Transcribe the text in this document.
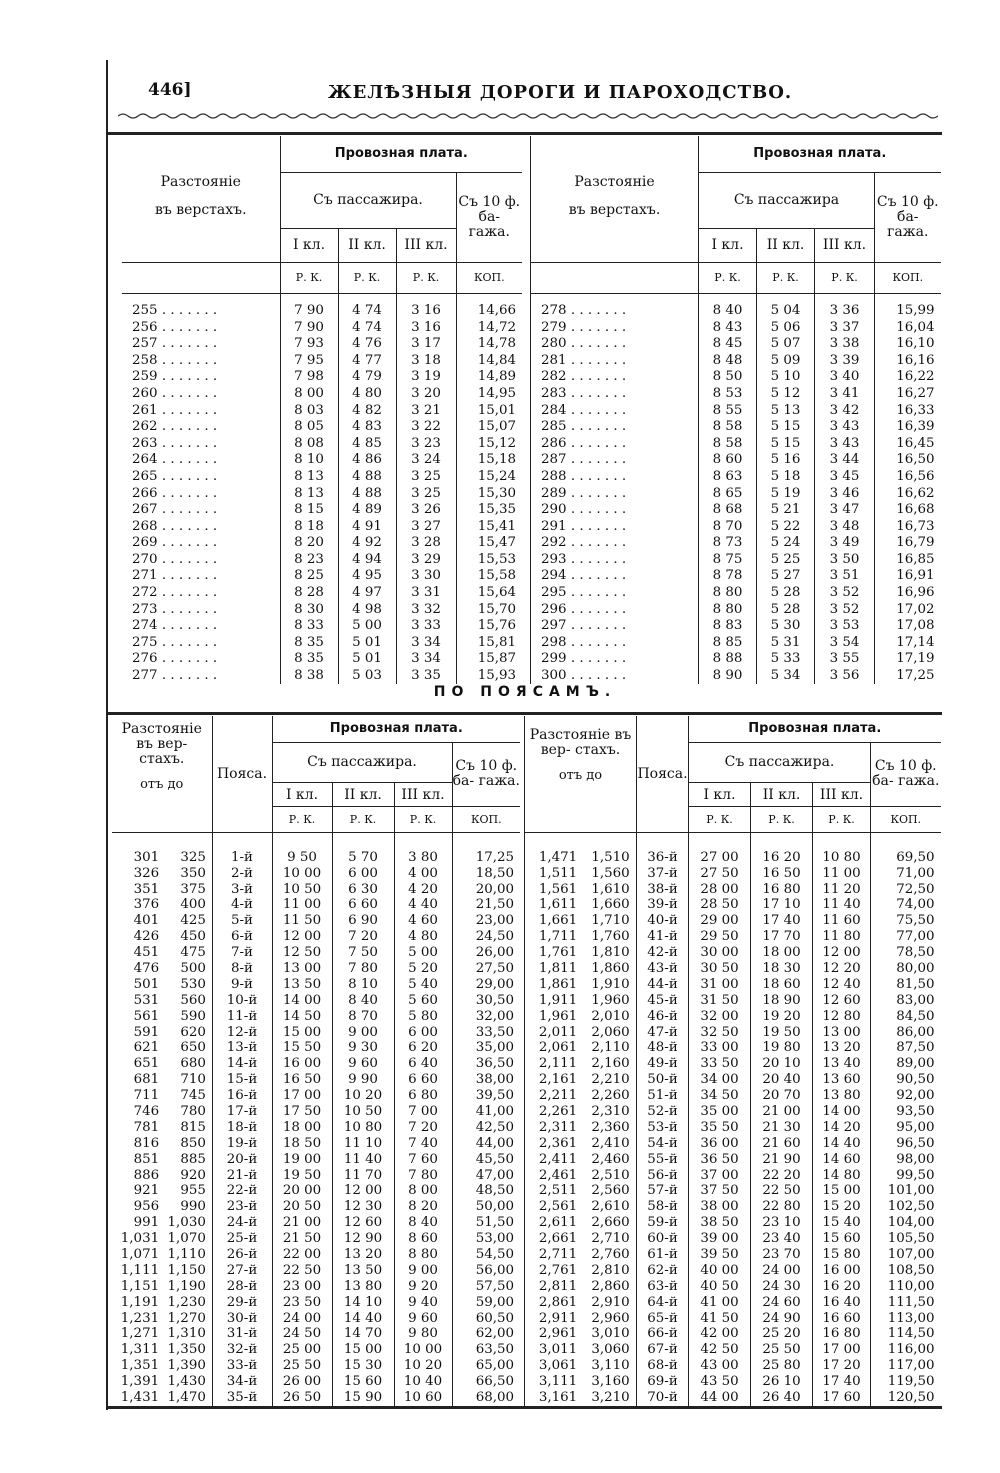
446]	ЖЕЛѢЗНЫЯ ДОРОГИ И ПАРОХОДСТВО.
Разстояніе
въ верстахъ.	Провозная плата.			
	Съ пассажира.			Съ 10 ф. ба- гажа.
	I кл.	II кл.	III кл.	
	Р. К.	Р. К.	Р. К.	КОП.

255 . . . . . . .	7 90	4 74	3 16	14,66
256 . . . . . . .	7 90	4 74	3 16	14,72
257 . . . . . . .	7 93	4 76	3 17	14,78
258 . . . . . . .	7 95	4 77	3 18	14,84
259 . . . . . . .	7 98	4 79	3 19	14,89
260 . . . . . . .	8 00	4 80	3 20	14,95
261 . . . . . . .	8 03	4 82	3 21	15,01
262 . . . . . . .	8 05	4 83	3 22	15,07
263 . . . . . . .	8 08	4 85	3 23	15,12
264 . . . . . . .	8 10	4 86	3 24	15,18
265 . . . . . . .	8 13	4 88	3 25	15,24
266 . . . . . . .	8 13	4 88	3 25	15,30
267 . . . . . . .	8 15	4 89	3 26	15,35
268 . . . . . . .	8 18	4 91	3 27	15,41
269 . . . . . . .	8 20	4 92	3 28	15,47
270 . . . . . . .	8 23	4 94	3 29	15,53
271 . . . . . . .	8 25	4 95	3 30	15,58
272 . . . . . . .	8 28	4 97	3 31	15,64
273 . . . . . . .	8 30	4 98	3 32	15,70
274 . . . . . . .	8 33	5 00	3 33	15,76
275 . . . . . . .	8 35	5 01	3 34	15,81
276 . . . . . . .	8 35	5 01	3 34	15,87
277 . . . . . . .	8 38	5 03	3 35	15,93

Разстояніе
въ верстахъ.	Провозная плата.			
	Съ пассажира			Съ 10 ф. ба- гажа.
	I кл.	II кл.	III кл.	
	Р. К.	Р. К.	Р. К.	КОП.

278 . . . . . . .	8 40	5 04	3 36	15,99
279 . . . . . . .	8 43	5 06	3 37	16,04
280 . . . . . . .	8 45	5 07	3 38	16,10
281 . . . . . . .	8 48	5 09	3 39	16,16
282 . . . . . . .	8 50	5 10	3 40	16,22
283 . . . . . . .	8 53	5 12	3 41	16,27
284 . . . . . . .	8 55	5 13	3 42	16,33
285 . . . . . . .	8 58	5 15	3 43	16,39
286 . . . . . . .	8 58	5 15	3 43	16,45
287 . . . . . . .	8 60	5 16	3 44	16,50
288 . . . . . . .	8 63	5 18	3 45	16,56
289 . . . . . . .	8 65	5 19	3 46	16,62
290 . . . . . . .	8 68	5 21	3 47	16,68
291 . . . . . . .	8 70	5 22	3 48	16,73
292 . . . . . . .	8 73	5 24	3 49	16,79
293 . . . . . . .	8 75	5 25	3 50	16,85
294 . . . . . . .	8 78	5 27	3 51	16,91
295 . . . . . . .	8 80	5 28	3 52	16,96
296 . . . . . . .	8 80	5 28	3 52	17,02
297 . . . . . . .	8 83	5 30	3 53	17,08
298 . . . . . . .	8 85	5 31	3 54	17,14
299 . . . . . . .	8 88	5 33	3 55	17,19
300 . . . . . . .	8 90	5 34	3 56	17,25

ПО ПОЯСАМЪ.
Разстояніе въ вер- стахъ.
отъ до	Пояса.	Провозная плата.			
		Съ пассажира.			Съ 10 ф. ба- гажа.
		I кл.	II кл.	III кл.	
		Р. К.	Р. К.	Р. К.	КОП.

301 325	1-й	9 50	5 70	3 80	17,25
326 350	2-й	10 00	6 00	4 00	18,50
351 375	3-й	10 50	6 30	4 20	20,00
376 400	4-й	11 00	6 60	4 40	21,50
401 425	5-й	11 50	6 90	4 60	23,00
426 450	6-й	12 00	7 20	4 80	24,50
451 475	7-й	12 50	7 50	5 00	26,00
476 500	8-й	13 00	7 80	5 20	27,50
501 530	9-й	13 50	8 10	5 40	29,00
531 560	10-й	14 00	8 40	5 60	30,50
561 590	11-й	14 50	8 70	5 80	32,00
591 620	12-й	15 00	9 00	6 00	33,50
621 650	13-й	15 50	9 30	6 20	35,00
651 680	14-й	16 00	9 60	6 40	36,50
681 710	15-й	16 50	9 90	6 60	38,00
711 745	16-й	17 00	10 20	6 80	39,50
746 780	17-й	17 50	10 50	7 00	41,00
781 815	18-й	18 00	10 80	7 20	42,50
816 850	19-й	18 50	11 10	7 40	44,00
851 885	20-й	19 00	11 40	7 60	45,50
886 920	21-й	19 50	11 70	7 80	47,00
921 955	22-й	20 00	12 00	8 00	48,50
956 990	23-й	20 50	12 30	8 20	50,00
991 1,030	24-й	21 00	12 60	8 40	51,50
1,031 1,070	25-й	21 50	12 90	8 60	53,00
1,071 1,110	26-й	22 00	13 20	8 80	54,50
1,111 1,150	27-й	22 50	13 50	9 00	56,00
1,151 1,190	28-й	23 00	13 80	9 20	57,50
1,191 1,230	29-й	23 50	14 10	9 40	59,00
1,231 1,270	30-й	24 00	14 40	9 60	60,50
1,271 1,310	31-й	24 50	14 70	9 80	62,00
1,311 1,350	32-й	25 00	15 00	10 00	63,50
1,351 1,390	33-й	25 50	15 30	10 20	65,00
1,391 1,430	34-й	26 00	15 60	10 40	66,50
1,431 1,470	35-й	26 50	15 90	10 60	68,00

Разстояніе въ вер- стахъ.
отъ до	Пояса.	Провозная плата.			
		Съ пассажира.			Съ 10 ф. ба- гажа.
		I кл.	II кл.	III кл.	
		Р. К.	Р. К.	Р. К.	КОП.

1,471 1,510	36-й	27 00	16 20	10 80	69,50
1,511 1,560	37-й	27 50	16 50	11 00	71,00
1,561 1,610	38-й	28 00	16 80	11 20	72,50
1,611 1,660	39-й	28 50	17 10	11 40	74,00
1,661 1,710	40-й	29 00	17 40	11 60	75,50
1,711 1,760	41-й	29 50	17 70	11 80	77,00
1,761 1,810	42-й	30 00	18 00	12 00	78,50
1,811 1,860	43-й	30 50	18 30	12 20	80,00
1,861 1,910	44-й	31 00	18 60	12 40	81,50
1,911 1,960	45-й	31 50	18 90	12 60	83,00
1,961 2,010	46-й	32 00	19 20	12 80	84,50
2,011 2,060	47-й	32 50	19 50	13 00	86,00
2,061 2,110	48-й	33 00	19 80	13 20	87,50
2,111 2,160	49-й	33 50	20 10	13 40	89,00
2,161 2,210	50-й	34 00	20 40	13 60	90,50
2,211 2,260	51-й	34 50	20 70	13 80	92,00
2,261 2,310	52-й	35 00	21 00	14 00	93,50
2,311 2,360	53-й	35 50	21 30	14 20	95,00
2,361 2,410	54-й	36 00	21 60	14 40	96,50
2,411 2,460	55-й	36 50	21 90	14 60	98,00
2,461 2,510	56-й	37 00	22 20	14 80	99,50
2,511 2,560	57-й	37 50	22 50	15 00	101,00
2,561 2,610	58-й	38 00	22 80	15 20	102,50
2,611 2,660	59-й	38 50	23 10	15 40	104,00
2,661 2,710	60-й	39 00	23 40	15 60	105,50
2,711 2,760	61-й	39 50	23 70	15 80	107,00
2,761 2,810	62-й	40 00	24 00	16 00	108,50
2,811 2,860	63-й	40 50	24 30	16 20	110,00
2,861 2,910	64-й	41 00	24 60	16 40	111,50
2,911 2,960	65-й	41 50	24 90	16 60	113,00
2,961 3,010	66-й	42 00	25 20	16 80	114,50
3,011 3,060	67-й	42 50	25 50	17 00	116,00
3,061 3,110	68-й	43 00	25 80	17 20	117,00
3,111 3,160	69-й	43 50	26 10	17 40	119,50
3,161 3,210	70-й	44 00	26 40	17 60	120,50
